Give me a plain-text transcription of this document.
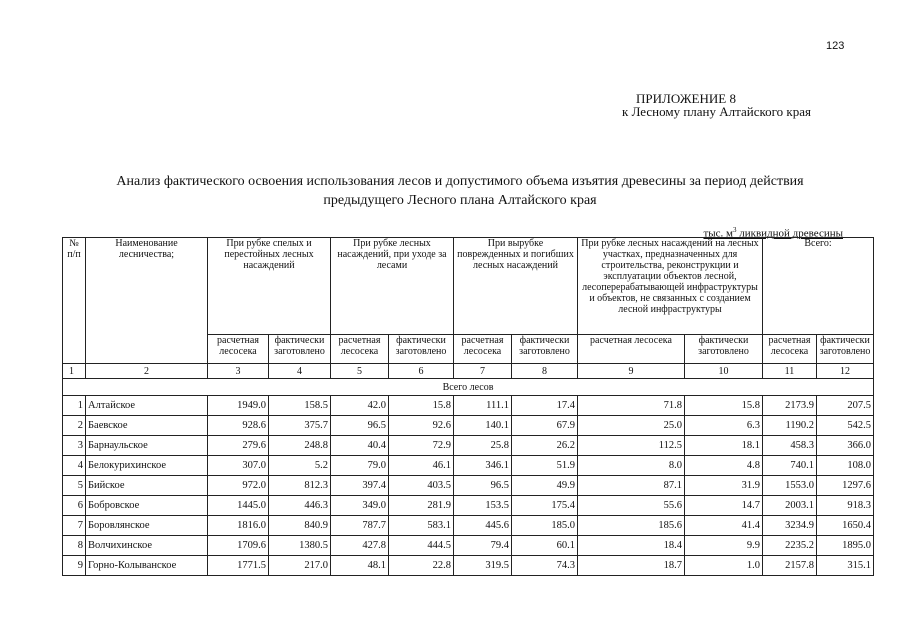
123
ПРИЛОЖЕНИЕ 8
к Лесному плану Алтайского края
Анализ фактического освоения использования лесов и допустимого объема изъятия древесины за период действия
предыдущего Лесного плана Алтайского края
тыс. $м^3$ ликвидной древесины
№ п/п	Наименование лесничества;	При рубке спелых и перестойных лесных насаждений		При рубке лесных насаждений, при уходе за лесами		При вырубке поврежденных и погибших лесных насаждений		При рубке лесных насаждений на лесных участках, предназначенных для строительства, реконструкции и эксплуатации объектов лесной, лесоперерабатывающей инфраструктуры и объектов, не связанных с созданием лесной инфраструктуры		Всего:	
		расчетная лесосека	фактически заготовлено	расчетная лесосека	фактически заготовлено	расчетная лесосека	фактически заготовлено	расчетная лесосека	фактически заготовлено	расчетная лесосека	фактически заготовлено
1	2	3	4	5	6	7	8	9	10	11	12
Всего лесов											
1	Алтайское	1949.0	158.5	42.0	15.8	111.1	17.4	71.8	15.8	2173.9	207.5
2	Баевское	928.6	375.7	96.5	92.6	140.1	67.9	25.0	6.3	1190.2	542.5
3	Барнаульское	279.6	248.8	40.4	72.9	25.8	26.2	112.5	18.1	458.3	366.0
4	Белокурихинское	307.0	5.2	79.0	46.1	346.1	51.9	8.0	4.8	740.1	108.0
5	Бийское	972.0	812.3	397.4	403.5	96.5	49.9	87.1	31.9	1553.0	1297.6
6	Бобровское	1445.0	446.3	349.0	281.9	153.5	175.4	55.6	14.7	2003.1	918.3
7	Боровлянское	1816.0	840.9	787.7	583.1	445.6	185.0	185.6	41.4	3234.9	1650.4
8	Волчихинское	1709.6	1380.5	427.8	444.5	79.4	60.1	18.4	9.9	2235.2	1895.0
9	Горно-Колыванское	1771.5	217.0	48.1	22.8	319.5	74.3	18.7	1.0	2157.8	315.1
